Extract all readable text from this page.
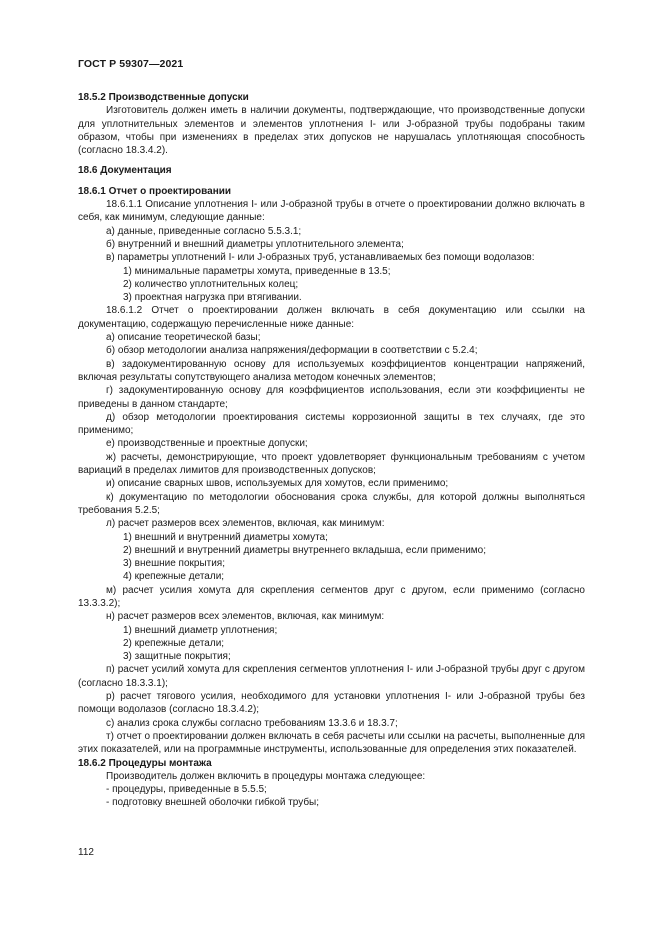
ГОСТ Р 59307—2021

18.5.2 Производственные допуски

Изготовитель должен иметь в наличии документы, подтверждающие, что производственные допуски для уплотнительных элементов и элементов уплотнения I- или J-образной трубы подобраны таким образом, чтобы при изменениях в пределах этих допусков не нарушалась уплотняющая способность (согласно 18.3.4.2).

18.6 Документация

18.6.1 Отчет о проектировании

18.6.1.1 Описание уплотнения I- или J-образной трубы в отчете о проектировании должно включать в себя, как минимум, следующие данные:

а) данные, приведенные согласно 5.5.3.1;

б) внутренний и внешний диаметры уплотнительного элемента;

в) параметры уплотнений I- или J-образных труб, устанавливаемых без помощи водолазов:

1) минимальные параметры хомута, приведенные в 13.5;

2) количество уплотнительных колец;

3) проектная нагрузка при втягивании.

18.6.1.2 Отчет о проектировании должен включать в себя документацию или ссылки на документацию, содержащую перечисленные ниже данные:

а) описание теоретической базы;

б) обзор методологии анализа напряжения/деформации в соответствии с 5.2.4;

в) задокументированную основу для используемых коэффициентов концентрации напряжений, включая результаты сопутствующего анализа методом конечных элементов;

г) задокументированную основу для коэффициентов использования, если эти коэффициенты не приведены в данном стандарте;

д) обзор методологии проектирования системы коррозионной защиты в тех случаях, где это применимо;

е) производственные и проектные допуски;

ж) расчеты, демонстрирующие, что проект удовлетворяет функциональным требованиям с учетом вариаций в пределах лимитов для производственных допусков;

и) описание сварных швов, используемых для хомутов, если применимо;

к) документацию по методологии обоснования срока службы, для которой должны выполняться требования 5.2.5;

л) расчет размеров всех элементов, включая, как минимум:

1) внешний и внутренний диаметры хомута;

2) внешний и внутренний диаметры внутреннего вкладыша, если применимо;

3) внешние покрытия;

4) крепежные детали;

м) расчет усилия хомута для скрепления сегментов друг с другом, если применимо (согласно 13.3.3.2);

н) расчет размеров всех элементов, включая, как минимум:

1) внешний диаметр уплотнения;

2) крепежные детали;

3) защитные покрытия;

п) расчет усилий хомута для скрепления сегментов уплотнения I- или J-образной трубы друг с другом (согласно 18.3.3.1);

р) расчет тягового усилия, необходимого для установки уплотнения I- или J-образной трубы без помощи водолазов (согласно 18.3.4.2);

с) анализ срока службы согласно требованиям 13.3.6 и 18.3.7;

т) отчет о проектировании должен включать в себя расчеты или ссылки на расчеты, выполненные для этих показателей, или на программные инструменты, использованные для определения этих показателей.

18.6.2 Процедуры монтажа

Производитель должен включить в процедуры монтажа следующее:

- процедуры, приведенные в 5.5.5;

- подготовку внешней оболочки гибкой трубы;

112
